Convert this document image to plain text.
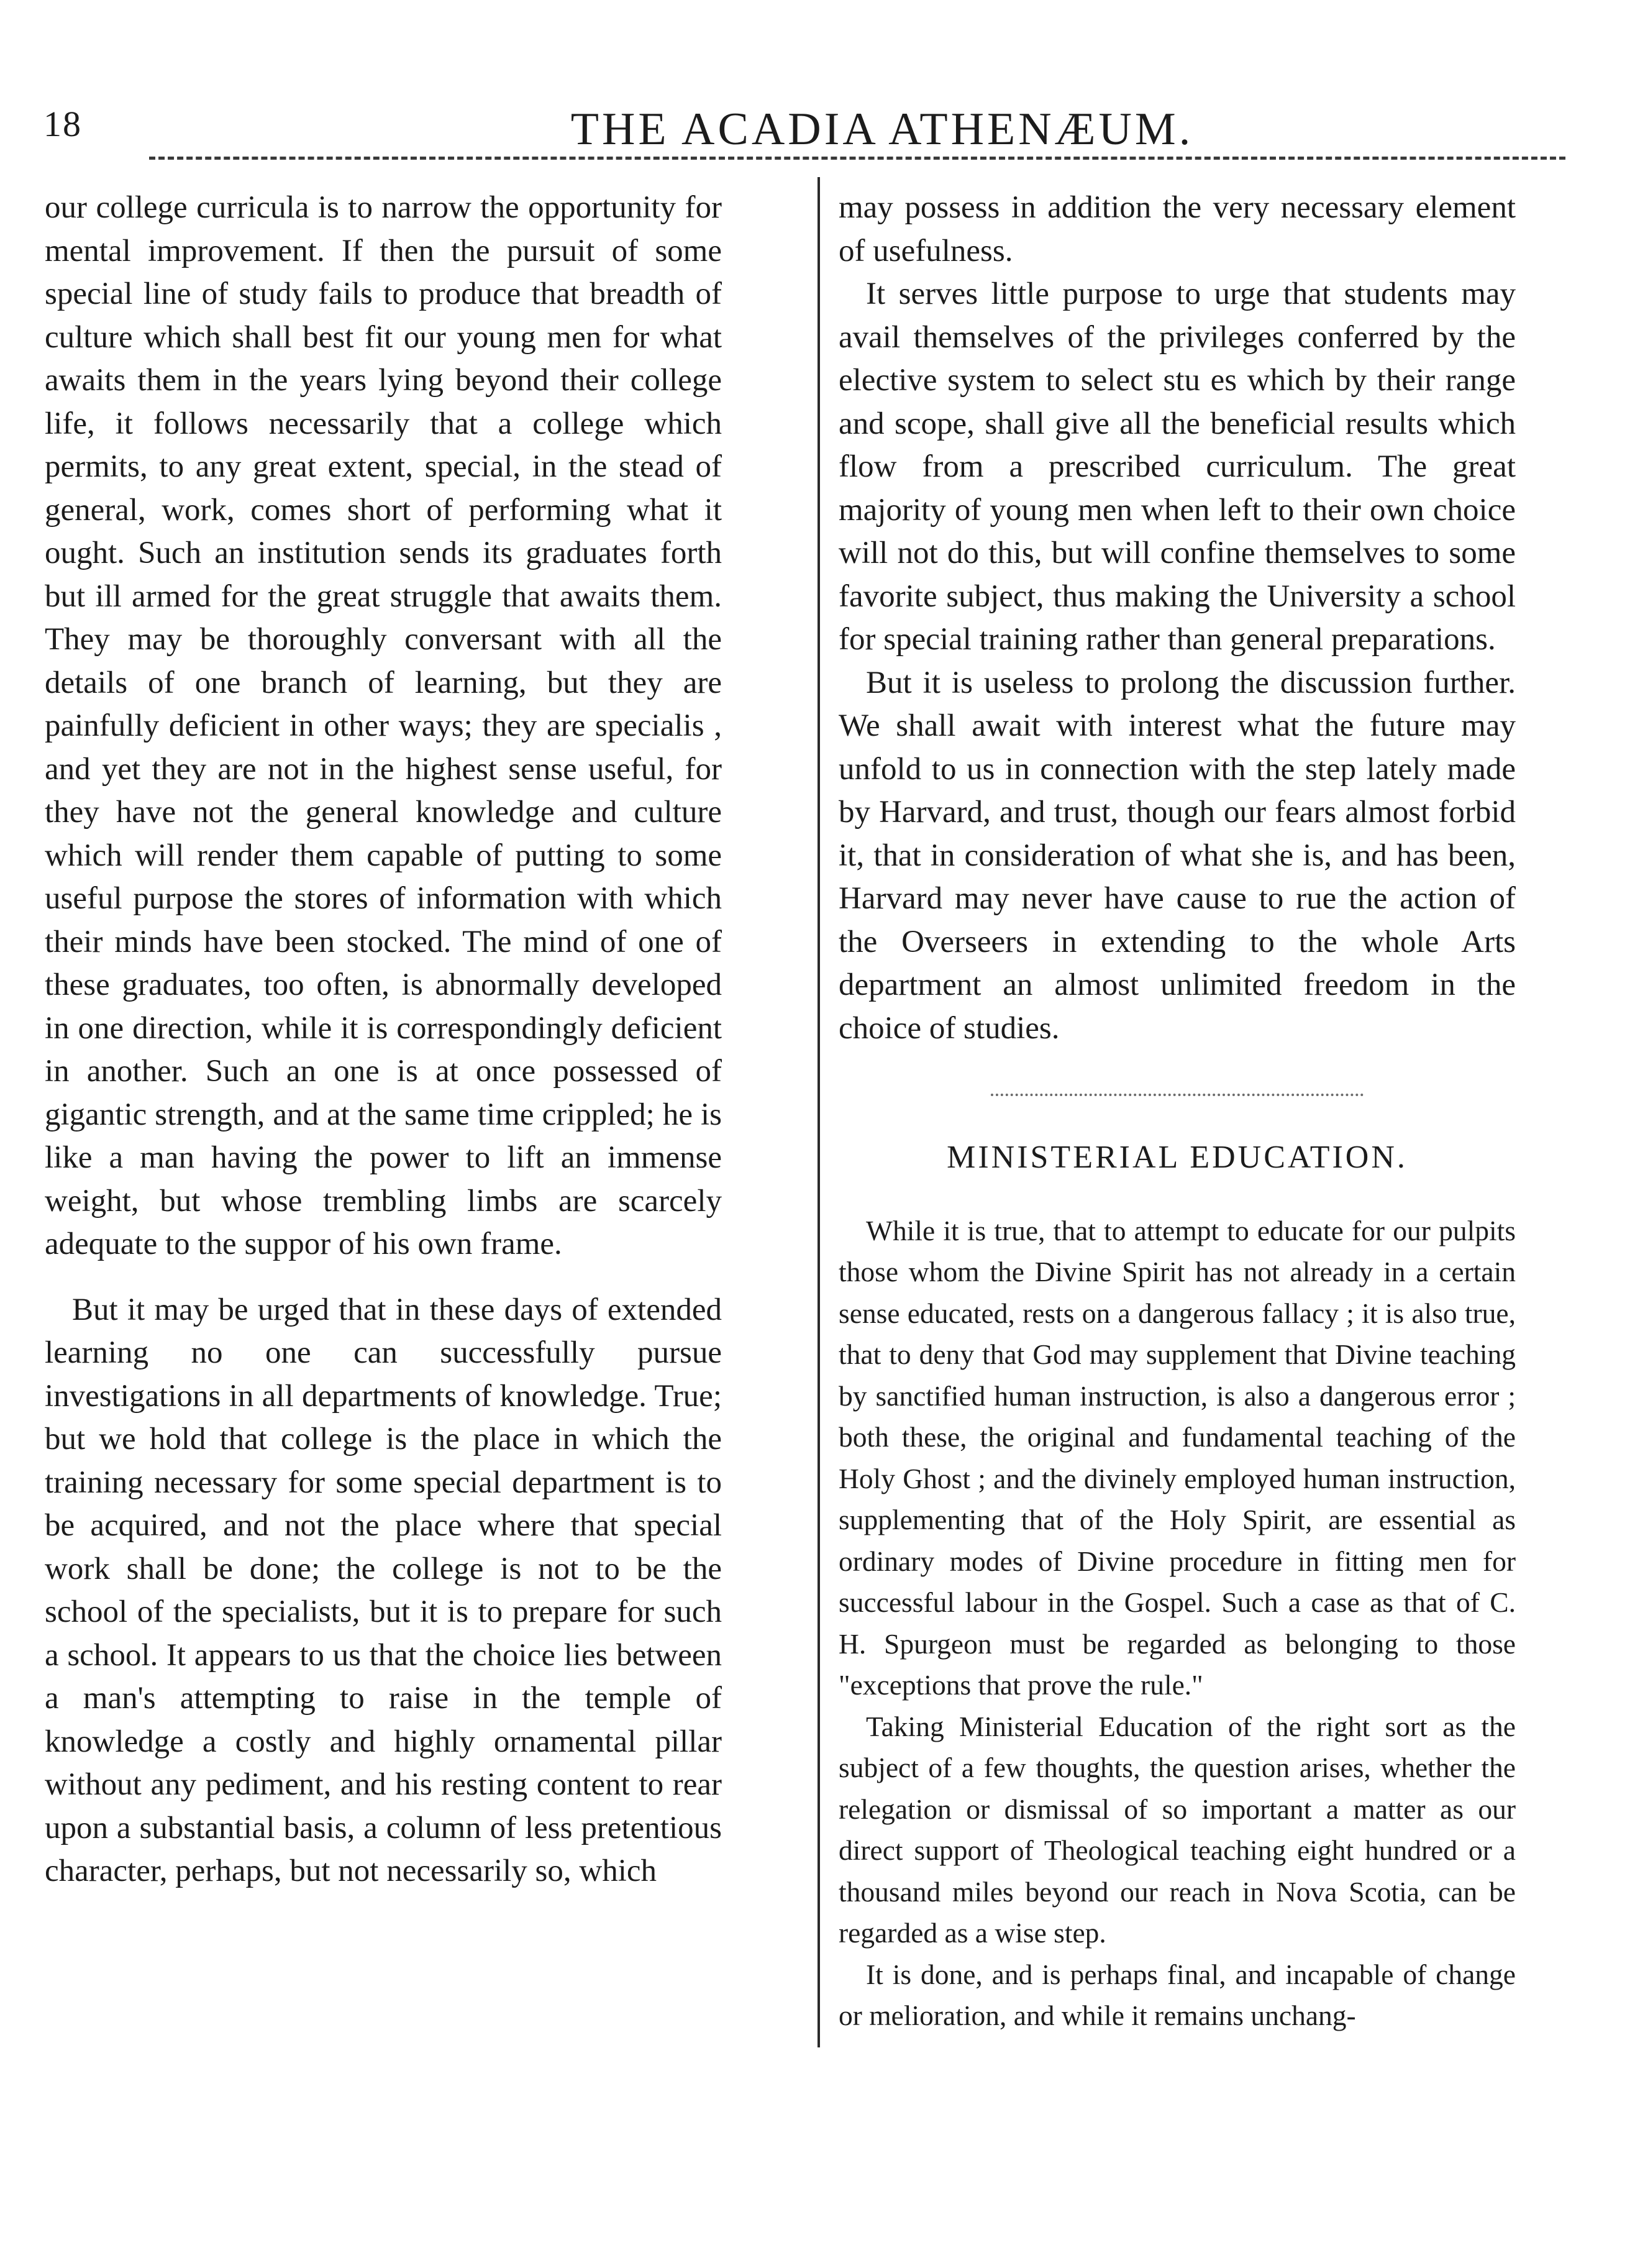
18	THE ACADIA ATHENÆUM.

our college curricula is to narrow the opportunity for mental improvement. If then the pursuit of some special line of study fails to produce that breadth of culture which shall best fit our young men for what awaits them in the years lying beyond their college life, it follows necessarily that a college which permits, to any great extent, special, in the stead of general, work, comes short of performing what it ought. Such an institution sends its graduates forth but ill armed for the great struggle that awaits them. They may be thoroughly conversant with all the details of one branch of learning, but they are painfully deficient in other ways; they are specialis , and yet they are not in the highest sense useful, for they have not the general knowledge and culture which will render them capable of putting to some useful purpose the stores of information with which their minds have been stocked. The mind of one of these graduates, too often, is abnormally developed in one direction, while it is correspondingly deficient in another. Such an one is at once possessed of gigantic strength, and at the same time crippled; he is like a man having the power to lift an immense weight, but whose trembling limbs are scarcely adequate to the suppor of his own frame.

But it may be urged that in these days of extended learning no one can successfully pursue investigations in all departments of knowledge. True; but we hold that college is the place in which the training necessary for some special department is to be acquired, and not the place where that special work shall be done; the college is not to be the school of the specialists, but it is to prepare for such a school. It appears to us that the choice lies between a man's attempting to raise in the temple of knowledge a costly and highly ornamental pillar without any pediment, and his resting content to rear upon a substantial basis, a column of less pretentious character, perhaps, but not necessarily so, which

may possess in addition the very necessary element of usefulness.

It serves little purpose to urge that students may avail themselves of the privileges conferred by the elective system to select stu es which by their range and scope, shall give all the beneficial results which flow from a prescribed curriculum. The great majority of young men when left to their own choice will not do this, but will confine themselves to some favorite subject, thus making the University a school for special training rather than general preparations.

But it is useless to prolong the discussion further. We shall await with interest what the future may unfold to us in connection with the step lately made by Harvard, and trust, though our fears almost forbid it, that in consideration of what she is, and has been, Harvard may never have cause to rue the action of the Overseers in extending to the whole Arts department an almost unlimited freedom in the choice of studies.

MINISTERIAL EDUCATION.

While it is true, that to attempt to educate for our pulpits those whom the Divine Spirit has not already in a certain sense educated, rests on a dangerous fallacy ; it is also true, that to deny that God may supplement that Divine teaching by sanctified human instruction, is also a dangerous error ; both these, the original and fundamental teaching of the Holy Ghost ; and the divinely employed human instruction, supplementing that of the Holy Spirit, are essential as ordinary modes of Divine procedure in fitting men for successful labour in the Gospel. Such a case as that of C. H. Spurgeon must be regarded as belonging to those "exceptions that prove the rule."

Taking Ministerial Education of the right sort as the subject of a few thoughts, the question arises, whether the relegation or dismissal of so important a matter as our direct support of Theological teaching eight hundred or a thousand miles beyond our reach in Nova Scotia, can be regarded as a wise step.

It is done, and is perhaps final, and incapable of change or melioration, and while it remains unchang-
